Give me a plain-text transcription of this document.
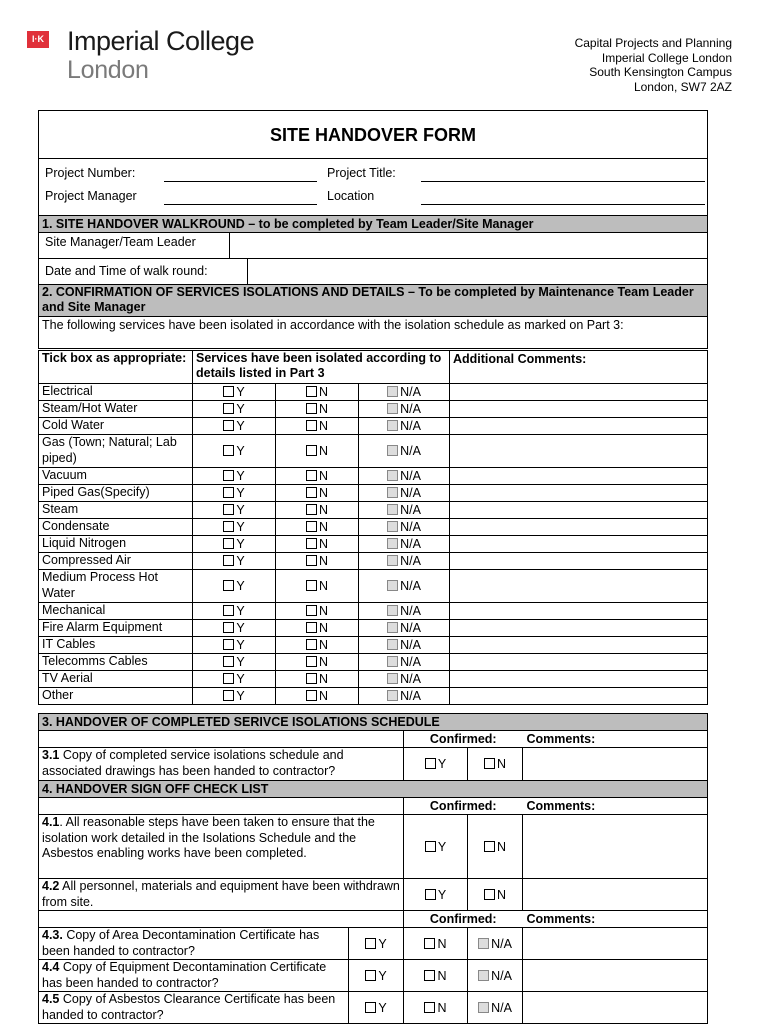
I·K Imperial College
London
Capital Projects and Planning
Imperial College London
South Kensington Campus
London, SW7 2AZ
SITE HANDOVER FORM

Project Number:	Project Title:
Project Manager	Location

1. SITE HANDOVER WALKROUND – to be completed by Team Leader/Site Manager

Site Manager/Team Leader

Date and Time of walk round:

2. CONFIRMATION OF SERVICES ISOLATIONS AND DETAILS – To be completed by Maintenance Team Leader and Site Manager
The following services have been isolated in accordance with the isolation schedule as marked on Part 3:
Tick box as appropriate:	Services have been isolated according to details listed in Part 3			Additional Comments:
Electrical	Y	N	N/A	
Steam/Hot Water	Y	N	N/A	
Cold Water	Y	N	N/A	
Gas (Town; Natural; Lab piped)	Y	N	N/A	
Vacuum	Y	N	N/A	
Piped Gas(Specify)	Y	N	N/A	
Steam	Y	N	N/A	
Condensate	Y	N	N/A	
Liquid Nitrogen	Y	N	N/A	
Compressed Air	Y	N	N/A	
Medium Process Hot Water	Y	N	N/A	
Mechanical	Y	N	N/A	
Fire Alarm Equipment	Y	N	N/A	
IT Cables	Y	N	N/A	
Telecomms Cables	Y	N	N/A	
TV Aerial	Y	N	N/A	
Other	Y	N	N/A	
3. HANDOVER OF COMPLETED SERIVCE ISOLATIONS SCHEDULE				
		Confirmed:		Comments:
3.1 Copy of completed service isolations schedule and associated drawings has been handed to contractor?		Y	N	
4. HANDOVER SIGN OFF CHECK LIST				
		Confirmed:		Comments:
4.1. All reasonable steps have been taken to ensure that the isolation work detailed in the Isolations Schedule and the Asbestos enabling works have been completed.		Y	N	
4.2 All personnel, materials and equipment have been withdrawn from site.		Y	N	
		Confirmed:		Comments:
4.3. Copy of Area Decontamination Certificate has been handed to contractor?	Y	N	N/A	
4.4 Copy of Equipment Decontamination Certificate has been handed to contractor?	Y	N	N/A	
4.5 Copy of Asbestos Clearance Certificate has been handed to contractor?	Y	N	N/A	
